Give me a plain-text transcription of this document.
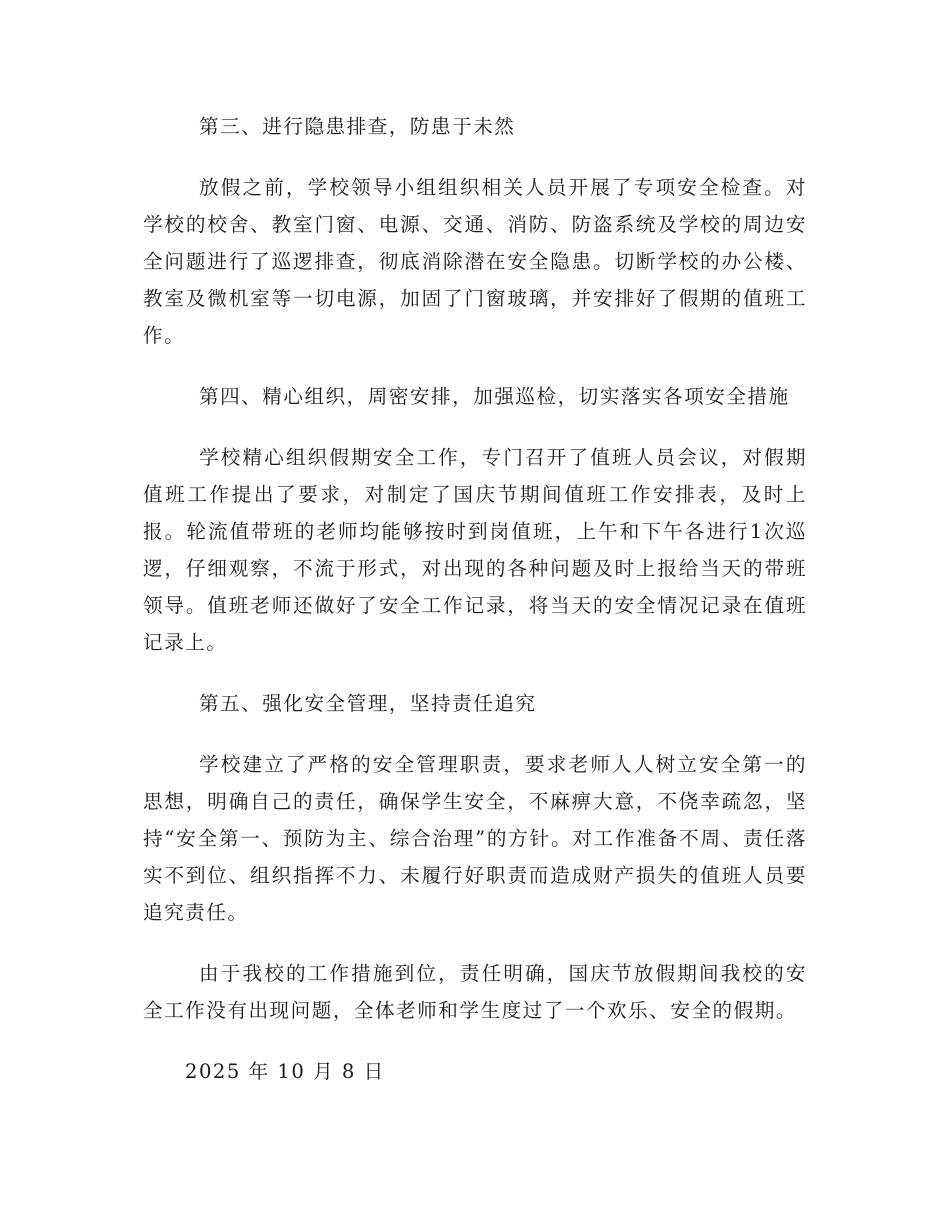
第三、进行隐患排查，防患于未然

放假之前，学校领导小组组织相关人员开展了专项安全检查。对学校的校舍、教室门窗、电源、交通、消防、防盗系统及学校的周边安全问题进行了巡逻排查，彻底消除潜在安全隐患。切断学校的办公楼、教室及微机室等一切电源，加固了门窗玻璃，并安排好了假期的值班工作。

第四、精心组织，周密安排，加强巡检，切实落实各项安全措施

学校精心组织假期安全工作，专门召开了值班人员会议，对假期值班工作提出了要求，对制定了国庆节期间值班工作安排表，及时上报。轮流值带班的老师均能够按时到岗值班，上午和下午各进行1次巡逻，仔细观察，不流于形式，对出现的各种问题及时上报给当天的带班领导。值班老师还做好了安全工作记录，将当天的安全情况记录在值班记录上。

第五、强化安全管理，坚持责任追究

学校建立了严格的安全管理职责，要求老师人人树立安全第一的思想，明确自己的责任，确保学生安全，不麻痹大意，不侥幸疏忽，坚持“安全第一、预防为主、综合治理”的方针。对工作准备不周、责任落实不到位、组织指挥不力、未履行好职责而造成财产损失的值班人员要追究责任。

由于我校的工作措施到位，责任明确，国庆节放假期间我校的安全工作没有出现问题，全体老师和学生度过了一个欢乐、安全的假期。

2025 年 10 月 8 日
